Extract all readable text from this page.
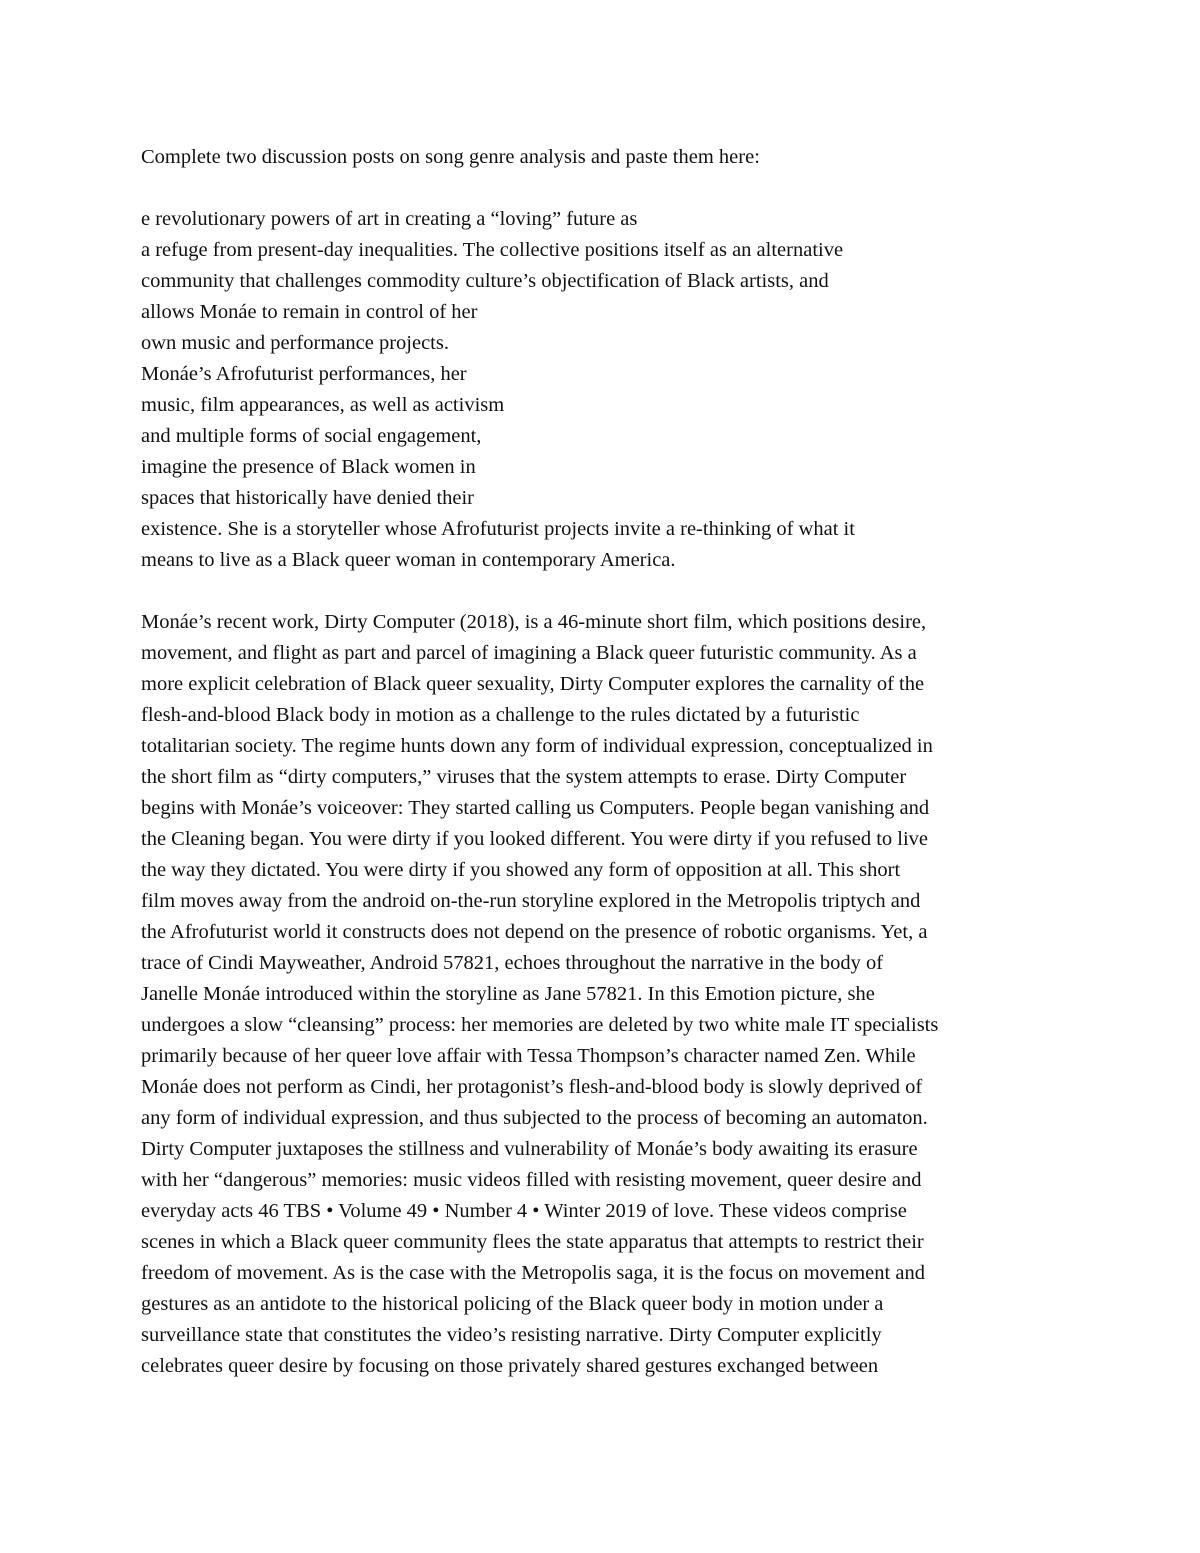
Complete two discussion posts on song genre analysis and paste them here:
e revolutionary powers of art in creating a “loving” future as
a refuge from present-day inequalities. The collective positions itself as an alternative
community that challenges commodity culture’s objectification of Black artists, and
allows Monáe to remain in control of her
own music and performance projects.
Monáe’s Afrofuturist performances, her
music, film appearances, as well as activism
and multiple forms of social engagement,
imagine the presence of Black women in
spaces that historically have denied their
existence. She is a storyteller whose Afrofuturist projects invite a re-thinking of what it
means to live as a Black queer woman in contemporary America.
Monáe’s recent work, Dirty Computer (2018), is a 46-minute short film, which positions desire,
movement, and flight as part and parcel of imagining a Black queer futuristic community. As a
more explicit celebration of Black queer sexuality, Dirty Computer explores the carnality of the
flesh-and-blood Black body in motion as a challenge to the rules dictated by a futuristic
totalitarian society. The regime hunts down any form of individual expression, conceptualized in
the short film as “dirty computers,” viruses that the system attempts to erase. Dirty Computer
begins with Monáe’s voiceover: They started calling us Computers. People began vanishing and
the Cleaning began. You were dirty if you looked different. You were dirty if you refused to live
the way they dictated. You were dirty if you showed any form of opposition at all. This short
film moves away from the android on-the-run storyline explored in the Metropolis triptych and
the Afrofuturist world it constructs does not depend on the presence of robotic organisms. Yet, a
trace of Cindi Mayweather, Android 57821, echoes throughout the narrative in the body of
Janelle Monáe introduced within the storyline as Jane 57821. In this Emotion picture, she
undergoes a slow “cleansing” process: her memories are deleted by two white male IT specialists
primarily because of her queer love affair with Tessa Thompson’s character named Zen. While
Monáe does not perform as Cindi, her protagonist’s flesh-and-blood body is slowly deprived of
any form of individual expression, and thus subjected to the process of becoming an automaton.
Dirty Computer juxtaposes the stillness and vulnerability of Monáe’s body awaiting its erasure
with her “dangerous” memories: music videos filled with resisting movement, queer desire and
everyday acts 46 TBS • Volume 49 • Number 4 • Winter 2019 of love. These videos comprise
scenes in which a Black queer community flees the state apparatus that attempts to restrict their
freedom of movement. As is the case with the Metropolis saga, it is the focus on movement and
gestures as an antidote to the historical policing of the Black queer body in motion under a
surveillance state that constitutes the video’s resisting narrative. Dirty Computer explicitly
celebrates queer desire by focusing on those privately shared gestures exchanged between
